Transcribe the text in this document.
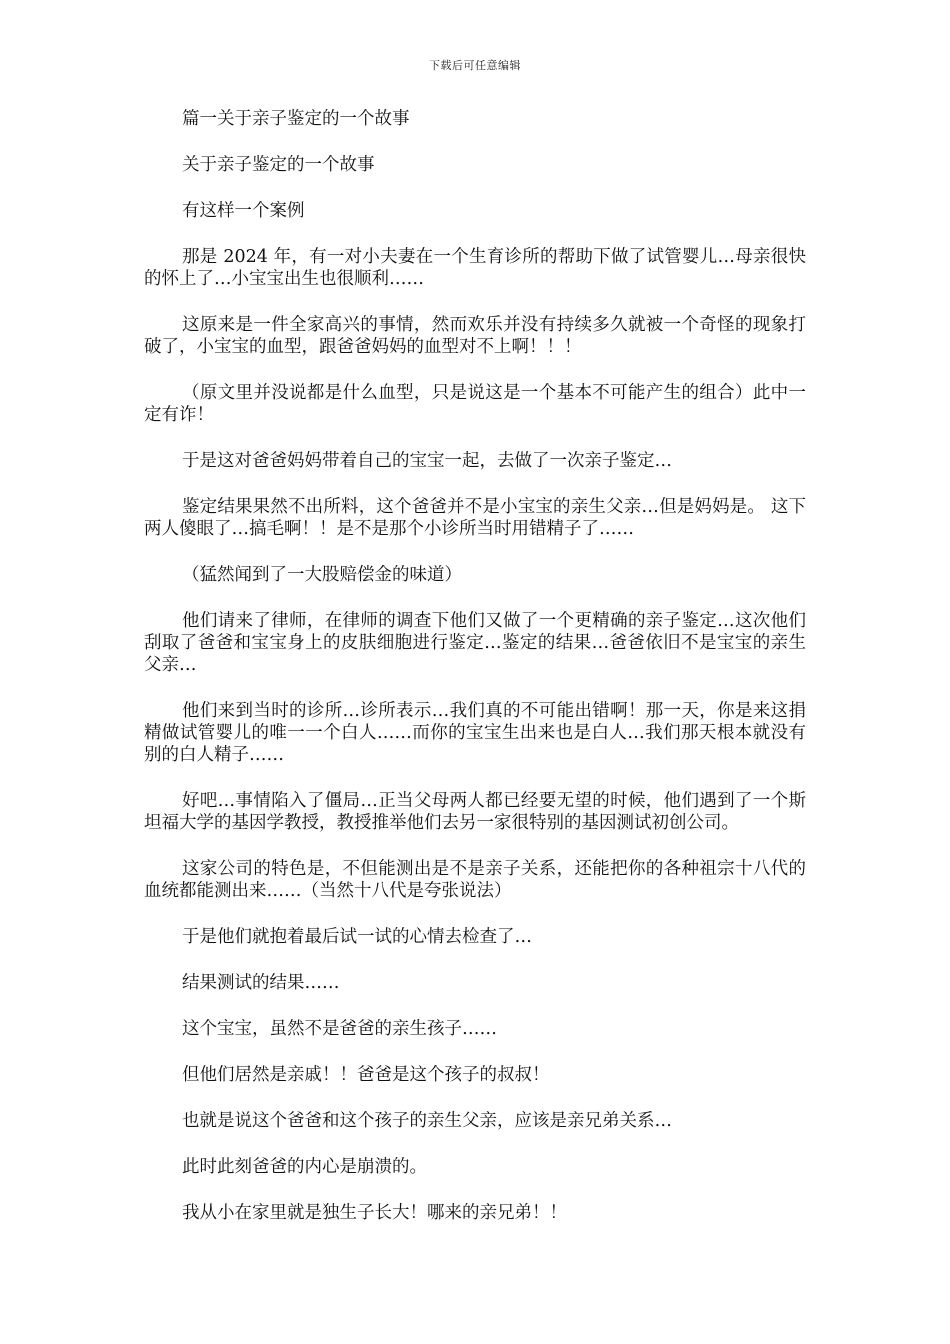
下载后可任意编辑

篇一关于亲子鉴定的一个故事

关于亲子鉴定的一个故事

有这样一个案例

那是 2024 年，有一对小夫妻在一个生育诊所的帮助下做了试管婴儿…母亲很快的怀上了…小宝宝出生也很顺利……

这原来是一件全家高兴的事情，然而欢乐并没有持续多久就被一个奇怪的现象打破了，小宝宝的血型，跟爸爸妈妈的血型对不上啊！！！

（原文里并没说都是什么血型，只是说这是一个基本不可能产生的组合）此中一定有诈！

于是这对爸爸妈妈带着自己的宝宝一起，去做了一次亲子鉴定…

鉴定结果果然不出所料，这个爸爸并不是小宝宝的亲生父亲…但是妈妈是。 这下两人傻眼了…搞毛啊！！是不是那个小诊所当时用错精子了……

（猛然闻到了一大股赔偿金的味道）

他们请来了律师，在律师的调查下他们又做了一个更精确的亲子鉴定…这次他们刮取了爸爸和宝宝身上的皮肤细胞进行鉴定…鉴定的结果…爸爸依旧不是宝宝的亲生父亲…

他们来到当时的诊所…诊所表示…我们真的不可能出错啊！那一天，你是来这捐精做试管婴儿的唯一一个白人……而你的宝宝生出来也是白人…我们那天根本就没有别的白人精子……

好吧…事情陷入了僵局…正当父母两人都已经要无望的时候，他们遇到了一个斯坦福大学的基因学教授，教授推举他们去另一家很特别的基因测试初创公司。

这家公司的特色是，不但能测出是不是亲子关系，还能把你的各种祖宗十八代的血统都能测出来……（当然十八代是夸张说法）

于是他们就抱着最后试一试的心情去检查了…

结果测试的结果……

这个宝宝，虽然不是爸爸的亲生孩子……

但他们居然是亲戚！！爸爸是这个孩子的叔叔！

也就是说这个爸爸和这个孩子的亲生父亲，应该是亲兄弟关系…

此时此刻爸爸的内心是崩溃的。

我从小在家里就是独生子长大！哪来的亲兄弟！！
